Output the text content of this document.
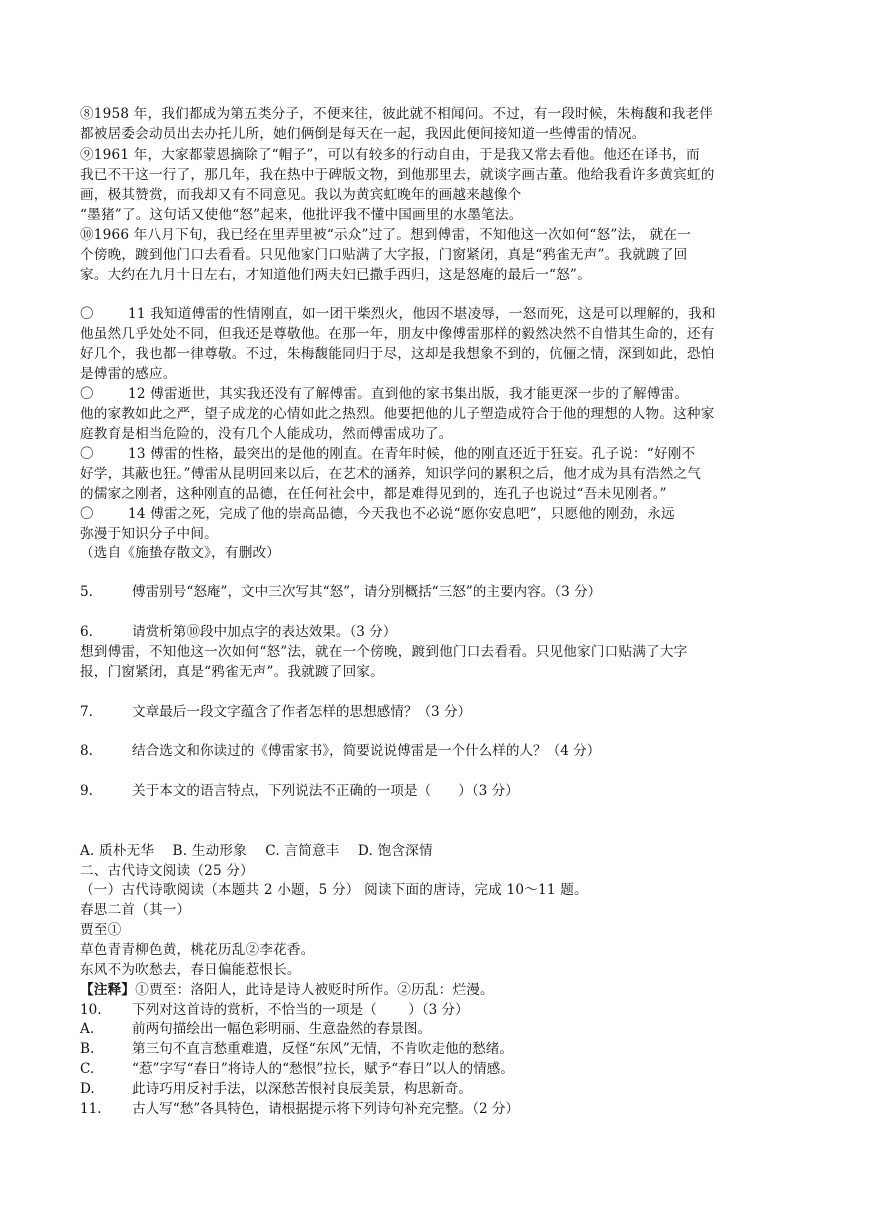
⑧1958 年，我们都成为第五类分子，不便来往，彼此就不相闻问。不过，有一段时候，朱梅馥和我老伴
都被居委会动员出去办托儿所，她们俩倒是每天在一起，我因此便间接知道一些傅雷的情况。
⑨1961 年，大家都蒙恩摘除了“帽子”，可以有较多的行动自由，于是我又常去看他。他还在译书，而
我已不干这一行了，那几年，我在热中于碑版文物，到他那里去，就谈字画古董。他给我看许多黄宾虹的
画，极其赞赏，而我却又有不同意见。我以为黄宾虹晚年的画越来越像个
“墨猪”了。这句话又使他“怒”起来，他批评我不懂中国画里的水墨笔法。
⑩1966 年八月下旬，我已经在里弄里被“示众”过了。想到傅雷，不知他这一次如何“怒”法， 就在一
个傍晚，踱到他门口去看看。只见他家门口贴满了大字报，门窗紧闭，真是“鸦雀无声”。我就踱了回
家。大约在九月十日左右，才知道他们两夫妇已撒手西归，这是怒庵的最后一“怒”。
〇	11 我知道傅雷的性情刚直，如一团干柴烈火，他因不堪凌辱，一怒而死，这是可以理解的，我和
他虽然几乎处处不同，但我还是尊敬他。在那一年，朋友中像傅雷那样的毅然决然不自惜其生命的，还有
好几个，我也都一律尊敬。不过，朱梅馥能同归于尽，这却是我想象不到的，伉俪之情，深到如此，恐怕
是傅雷的感应。
〇	12 傅雷逝世，其实我还没有了解傅雷。直到他的家书集出版，我才能更深一步的了解傅雷。
他的家教如此之严，望子成龙的心情如此之热烈。他要把他的儿子塑造成符合于他的理想的人物。这种家
庭教育是相当危险的，没有几个人能成功，然而傅雷成功了。
〇	13 傅雷的性格，最突出的是他的刚直。在青年时候，他的刚直还近于狂妄。孔子说：“好刚不
好学，其蔽也狂。”傅雷从昆明回来以后，在艺术的涵养，知识学问的累积之后，他才成为具有浩然之气
的儒家之刚者，这种刚直的品德，在任何社会中，都是难得见到的，连孔子也说过“吾未见刚者。”
〇	14 傅雷之死，完成了他的崇高品德，今天我也不必说“愿你安息吧”，只愿他的刚劲，永远
弥漫于知识分子中间。
（选自《施蛰存散文》，有删改）
5.	傅雷别号“怒庵”，文中三次写其“怒”，请分别概括“三怒”的主要内容。（3 分）
6.	请赏析第⑩段中加点字的表达效果。（3 分）
想到傅雷，不知他这一次如何“怒”法，就在一个傍晚，踱到他门口去看看。只见他家门口贴满了大字
报，门窗紧闭，真是“鸦雀无声”。我就踱了回家。
7.	文章最后一段文字蕴含了作者怎样的思想感情？（3 分）
8.	结合选文和你读过的《傅雷家书》，简要说说傅雷是一个什么样的人？（4 分）
9.	关于本文的语言特点，下列说法不正确的一项是（　　）（3 分）
A. 质朴无华　 B. 生动形象　 C. 言简意丰　 D. 饱含深情
二、古代诗文阅读（25 分）
（一）古代诗歌阅读（本题共 2 小题，5 分） 阅读下面的唐诗，完成 10～11 题。
春思二首（其一）
贾至①
草色青青柳色黄，桃花历乱②李花香。
东风不为吹愁去，春日偏能惹恨长。
【注释】①贾至：洛阳人，此诗是诗人被贬时所作。②历乱：烂漫。
10. 下列对这首诗的赏析，不恰当的一项是（　　 ）（3 分）
A.	前两句描绘出一幅色彩明丽、生意盎然的春景图。
B.	第三句不直言愁重难遣，反怪“东风”无情，不肯吹走他的愁绪。
C.	“惹”字写“春日”将诗人的“愁恨”拉长，赋予“春日”以人的情感。
D.	此诗巧用反衬手法，以深愁苦恨衬良辰美景，构思新奇。
11. 古人写“愁”各具特色，请根据提示将下列诗句补充完整。（2 分）
